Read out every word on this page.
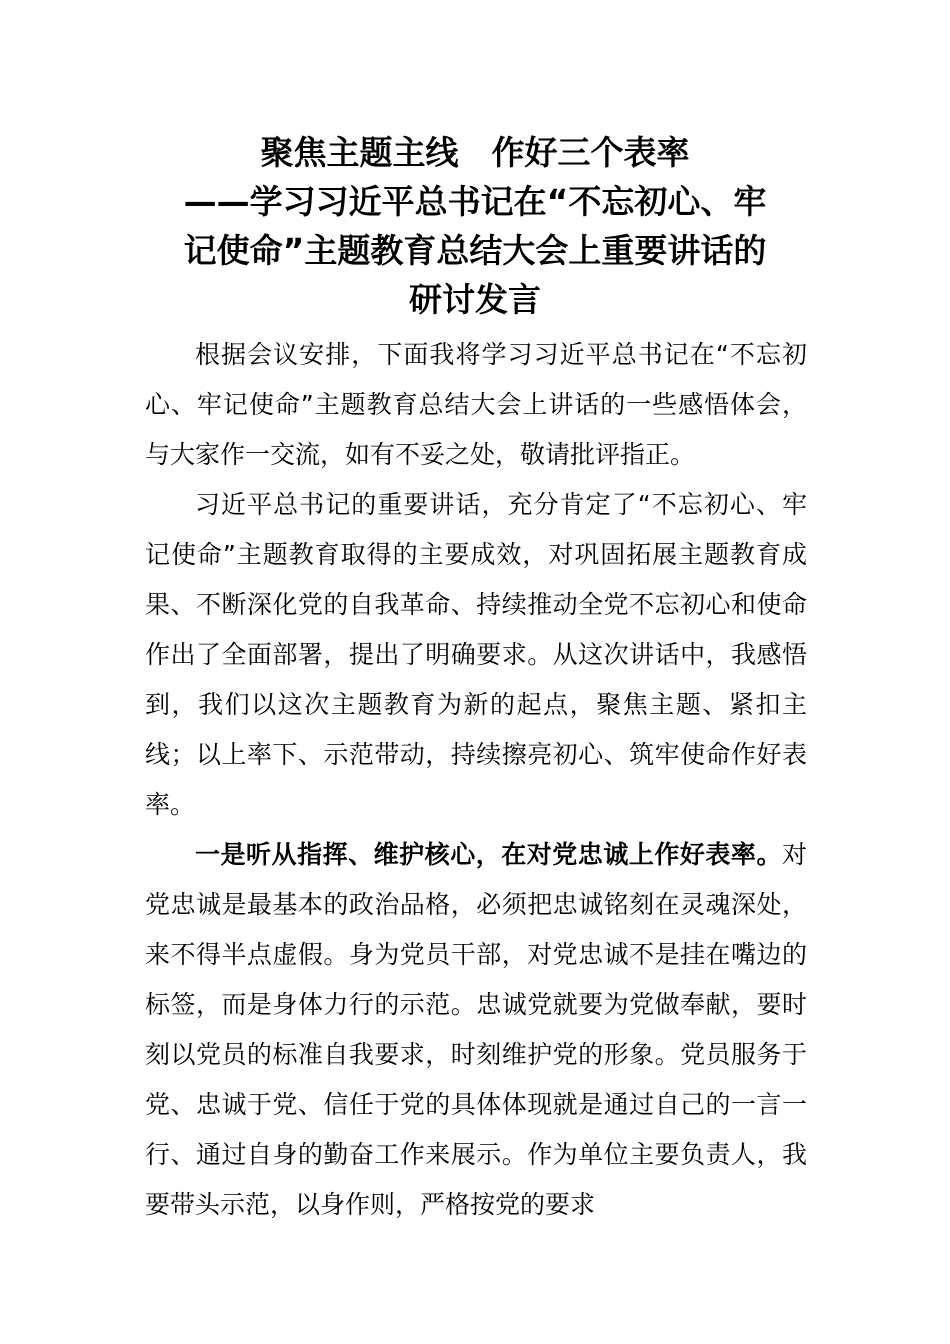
聚焦主题主线　作好三个表率
——学习习近平总书记在“不忘初心、牢
记使命”主题教育总结大会上重要讲话的
研讨发言

根据会议安排，下面我将学习习近平总书记在“不忘初心、牢记使命”主题教育总结大会上讲话的一些感悟体会，与大家作一交流，如有不妥之处，敬请批评指正。

习近平总书记的重要讲话，充分肯定了“不忘初心、牢记使命”主题教育取得的主要成效，对巩固拓展主题教育成果、不断深化党的自我革命、持续推动全党不忘初心和使命作出了全面部署，提出了明确要求。从这次讲话中，我感悟到，我们以这次主题教育为新的起点，聚焦主题、紧扣主线；以上率下、示范带动，持续擦亮初心、筑牢使命作好表率。

一是听从指挥、维护核心，在对党忠诚上作好表率。对党忠诚是最基本的政治品格，必须把忠诚铭刻在灵魂深处，来不得半点虚假。身为党员干部，对党忠诚不是挂在嘴边的标签，而是身体力行的示范。忠诚党就要为党做奉献，要时刻以党员的标准自我要求，时刻维护党的形象。党员服务于党、忠诚于党、信任于党的具体体现就是通过自己的一言一行、通过自身的勤奋工作来展示。作为单位主要负责人，我要带头示范，以身作则，严格按党的要求
